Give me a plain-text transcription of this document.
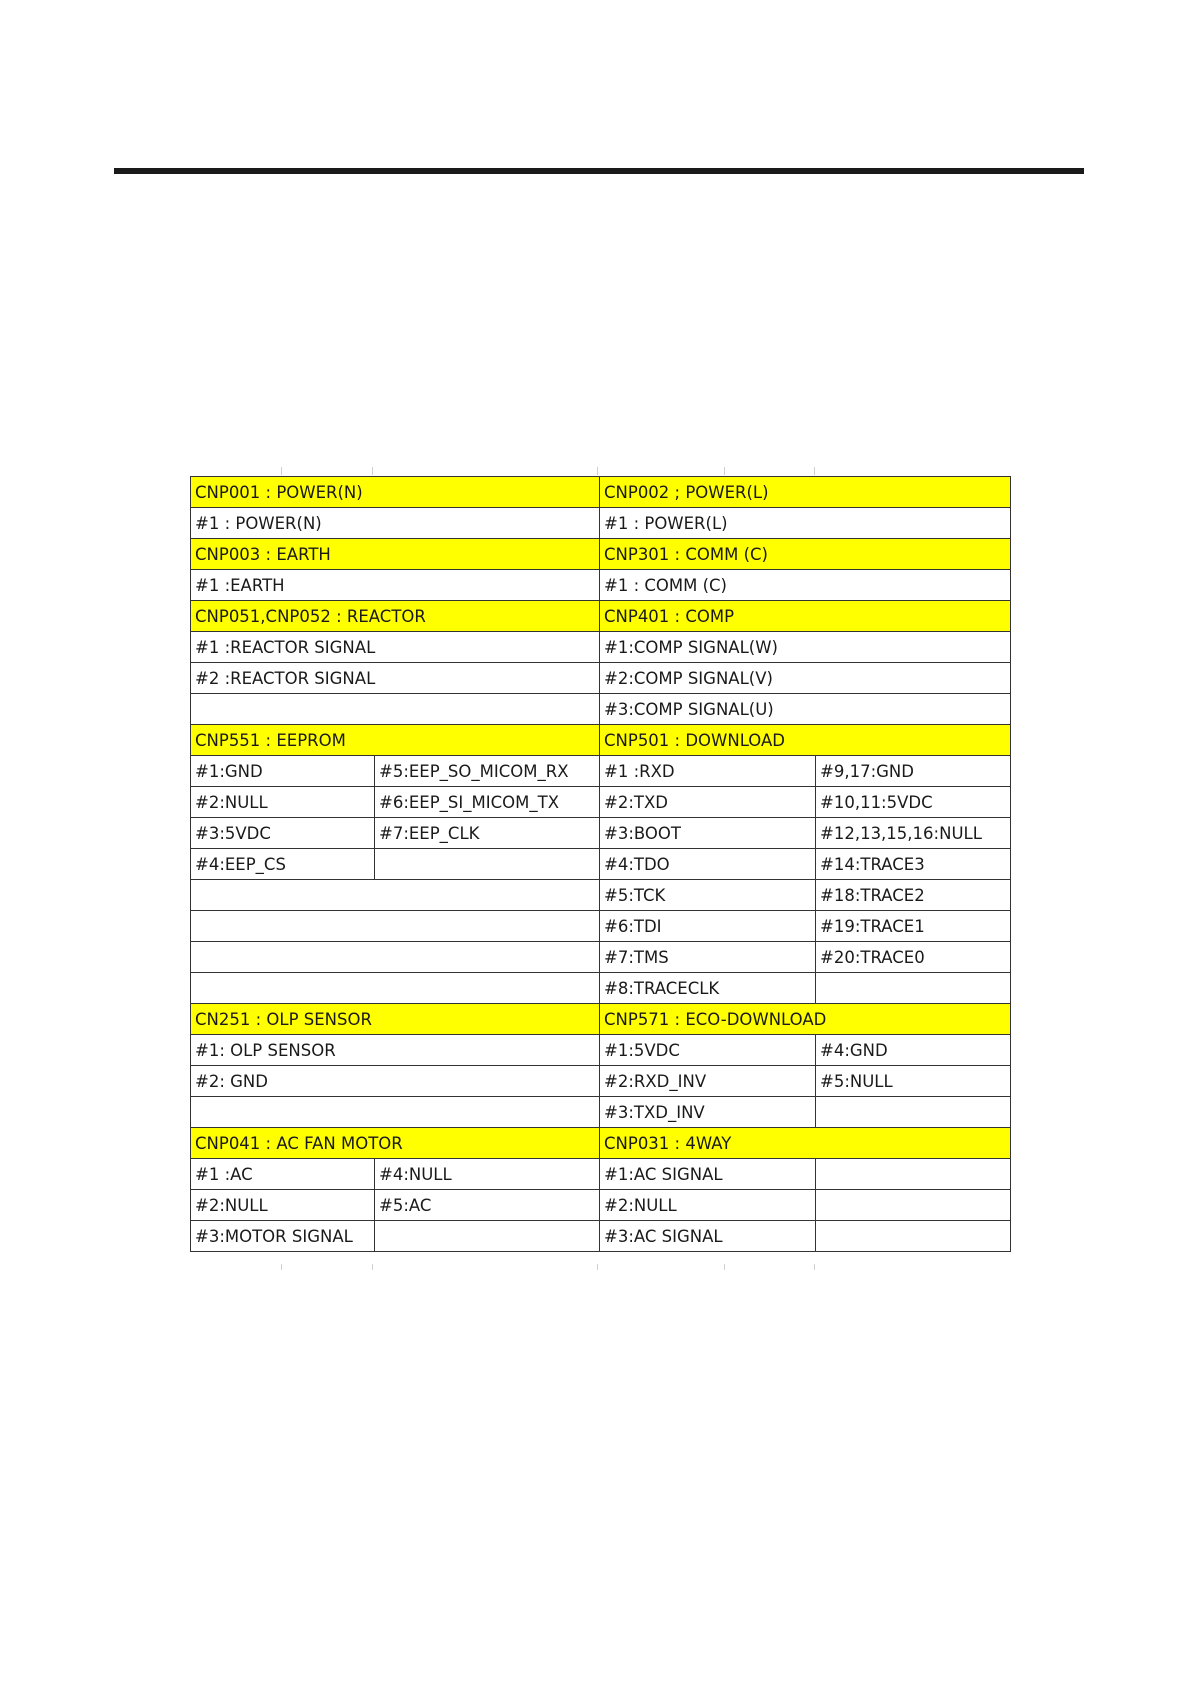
CNP001 : POWER(N)		CNP002 ; POWER(L)	
#1 : POWER(N)		#1 : POWER(L)	
CNP003 : EARTH		CNP301 : COMM (C)	
#1 :EARTH		#1 : COMM (C)	
CNP051,CNP052 : REACTOR		CNP401 : COMP	
#1 :REACTOR SIGNAL		#1:COMP SIGNAL(W)	
#2 :REACTOR SIGNAL		#2:COMP SIGNAL(V)	
		#3:COMP SIGNAL(U)	
CNP551 : EEPROM		CNP501 : DOWNLOAD	
#1:GND	#5:EEP_SO_MICOM_RX	#1 :RXD	#9,17:GND
#2:NULL	#6:EEP_SI_MICOM_TX	#2:TXD	#10,11:5VDC
#3:5VDC	#7:EEP_CLK	#3:BOOT	#12,13,15,16:NULL
#4:EEP_CS		#4:TDO	#14:TRACE3
		#5:TCK	#18:TRACE2
		#6:TDI	#19:TRACE1
		#7:TMS	#20:TRACE0
		#8:TRACECLK	
CN251 : OLP SENSOR		CNP571 : ECO-DOWNLOAD	
#1: OLP SENSOR		#1:5VDC	#4:GND
#2: GND		#2:RXD_INV	#5:NULL
		#3:TXD_INV	
CNP041 : AC FAN MOTOR		CNP031 : 4WAY	
#1 :AC	#4:NULL	#1:AC SIGNAL	
#2:NULL	#5:AC	#2:NULL	
#3:MOTOR SIGNAL		#3:AC SIGNAL	
